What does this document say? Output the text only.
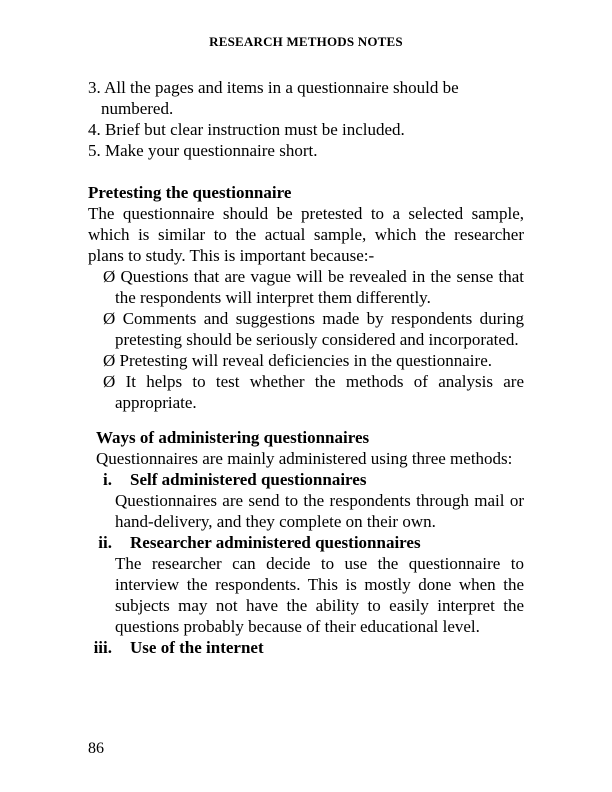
RESEARCH METHODS NOTES
3. All the pages and items in a questionnaire should be numbered.
4. Brief but clear instruction must be included.
5. Make your questionnaire short.
Pretesting the questionnaire

The questionnaire should be pretested to a selected sample, which is similar to the actual sample, which the researcher plans to study. This is important because:-

Ø Questions that are vague will be revealed in the sense that the respondents will interpret them differently.
Ø Comments and suggestions made by respondents during pretesting should be seriously considered and incorporated.
Ø Pretesting will reveal deficiencies in the questionnaire.
Ø It helps to test whether the methods of analysis are appropriate.
Ways of administering questionnaires

Questionnaires are mainly administered using three methods:

i. Self administered questionnaires

Questionnaires are send to the respondents through mail or hand-delivery, and they complete on their own.

ii. Researcher administered questionnaires

The researcher can decide to use the questionnaire to interview the respondents. This is mostly done when the subjects may not have the ability to easily interpret the questions probably because of their educational level.

iii. Use of the internet

86
